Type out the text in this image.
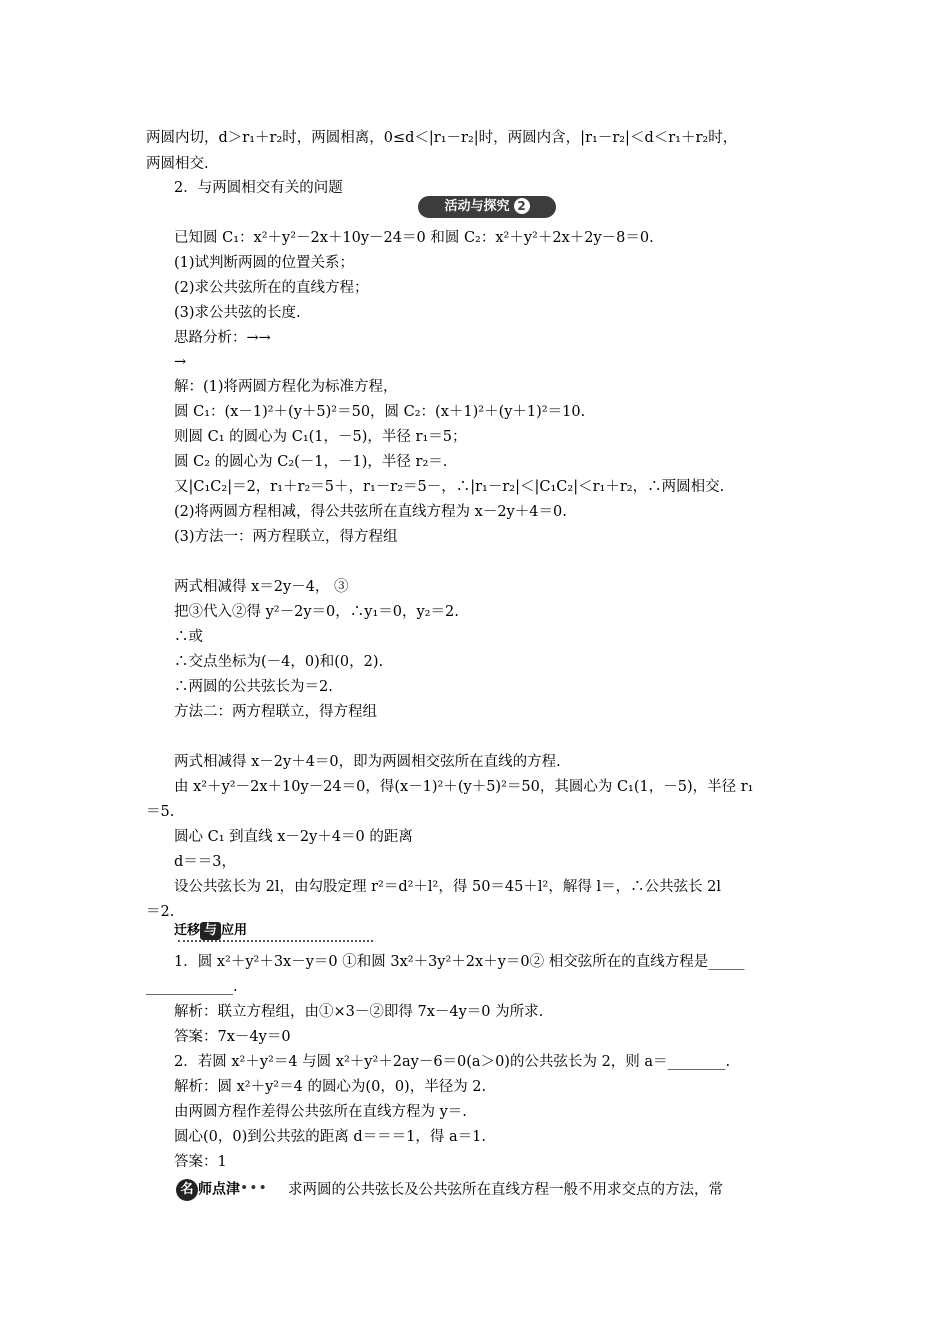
两圆内切，d＞r₁＋r₂时，两圆相离，0≤d＜|r₁－r₂|时，两圆内含，|r₁－r₂|＜d＜r₁＋r₂时，
两圆相交.
2．与两圆相交有关的问题
已知圆 C₁：x²＋y²－2x＋10y－24＝0 和圆 C₂：x²＋y²＋2x＋2y－8＝0.
(1)试判断两圆的位置关系；
(2)求公共弦所在的直线方程；
(3)求公共弦的长度.
思路分析：→→
→
解：(1)将两圆方程化为标准方程，
圆 C₁：(x－1)²＋(y＋5)²＝50，圆 C₂：(x＋1)²＋(y＋1)²＝10.
则圆 C₁ 的圆心为 C₁(1，－5)，半径 r₁＝5；
圆 C₂ 的圆心为 C₂(－1，－1)，半径 r₂＝.
又|C₁C₂|＝2，r₁＋r₂＝5＋，r₁－r₂＝5－，∴|r₁－r₂|＜|C₁C₂|＜r₁＋r₂，∴两圆相交.
(2)将两圆方程相减，得公共弦所在直线方程为 x－2y＋4＝0.
(3)方法一：两方程联立，得方程组
两式相减得 x＝2y－4， ③
把③代入②得 y²－2y＝0，∴y₁＝0，y₂＝2.
∴或
∴交点坐标为(－4，0)和(0，2).
∴两圆的公共弦长为＝2.
方法二：两方程联立，得方程组
两式相减得 x－2y＋4＝0，即为两圆相交弦所在直线的方程.
由 x²＋y²－2x＋10y－24＝0，得(x－1)²＋(y＋5)²＝50，其圆心为 C₁(1，－5)，半径 r₁
＝5.
圆心 C₁ 到直线 x－2y＋4＝0 的距离
d＝＝3，
设公共弦长为 2l，由勾股定理 r²＝d²＋l²，得 50＝45＋l²，解得 l＝，∴公共弦长 2l
＝2.
1．圆 x²＋y²＋3x－y＝0 ①和圆 3x²＋3y²＋2x＋y＝0② 相交弦所在的直线方程是_____
____________.
解析：联立方程组，由①×3－②即得 7x－4y＝0 为所求.
答案：7x－4y＝0
2．若圆 x²＋y²＝4 与圆 x²＋y²＋2ay－6＝0(a＞0)的公共弦长为 2，则 a＝________.
解析：圆 x²＋y²＝4 的圆心为(0，0)，半径为 2.
由两圆方程作差得公共弦所在直线方程为 y＝.
圆心(0，0)到公共弦的距离 d＝＝＝1，得 a＝1.
答案：1
活动与探究 2
迁移 与 应用
名 师点津•••	求两圆的公共弦长及公共弦所在直线方程一般不用求交点的方法，常
